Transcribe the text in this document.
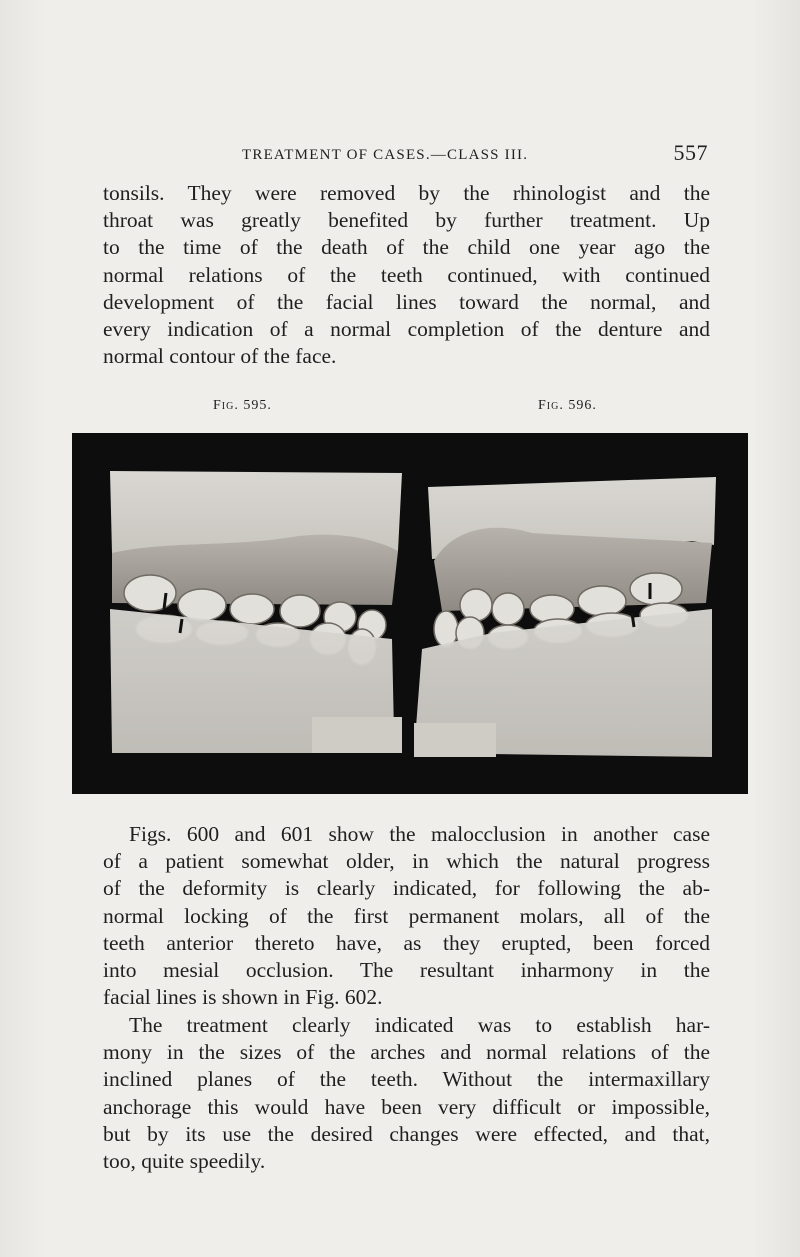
TREATMENT OF CASES.—CLASS III.	557
tonsils. They were removed by the rhinologist and the
throat was greatly benefited by further treatment. Up
to the time of the death of the child one year ago the
normal relations of the teeth continued, with continued
development of the facial lines toward the normal, and
every indication of a normal completion of the denture and
normal contour of the face.
Fig. 595.	Fig. 596.
Figs. 600 and 601 show the malocclusion in another case
of a patient somewhat older, in which the natural progress
of the deformity is clearly indicated, for following the ab-
normal locking of the first permanent molars, all of the
teeth anterior thereto have, as they erupted, been forced
into mesial occlusion. The resultant inharmony in the
facial lines is shown in Fig. 602.
The treatment clearly indicated was to establish har-
mony in the sizes of the arches and normal relations of the
inclined planes of the teeth. Without the intermaxillary
anchorage this would have been very difficult or impossible,
but by its use the desired changes were effected, and that,
too, quite speedily.
